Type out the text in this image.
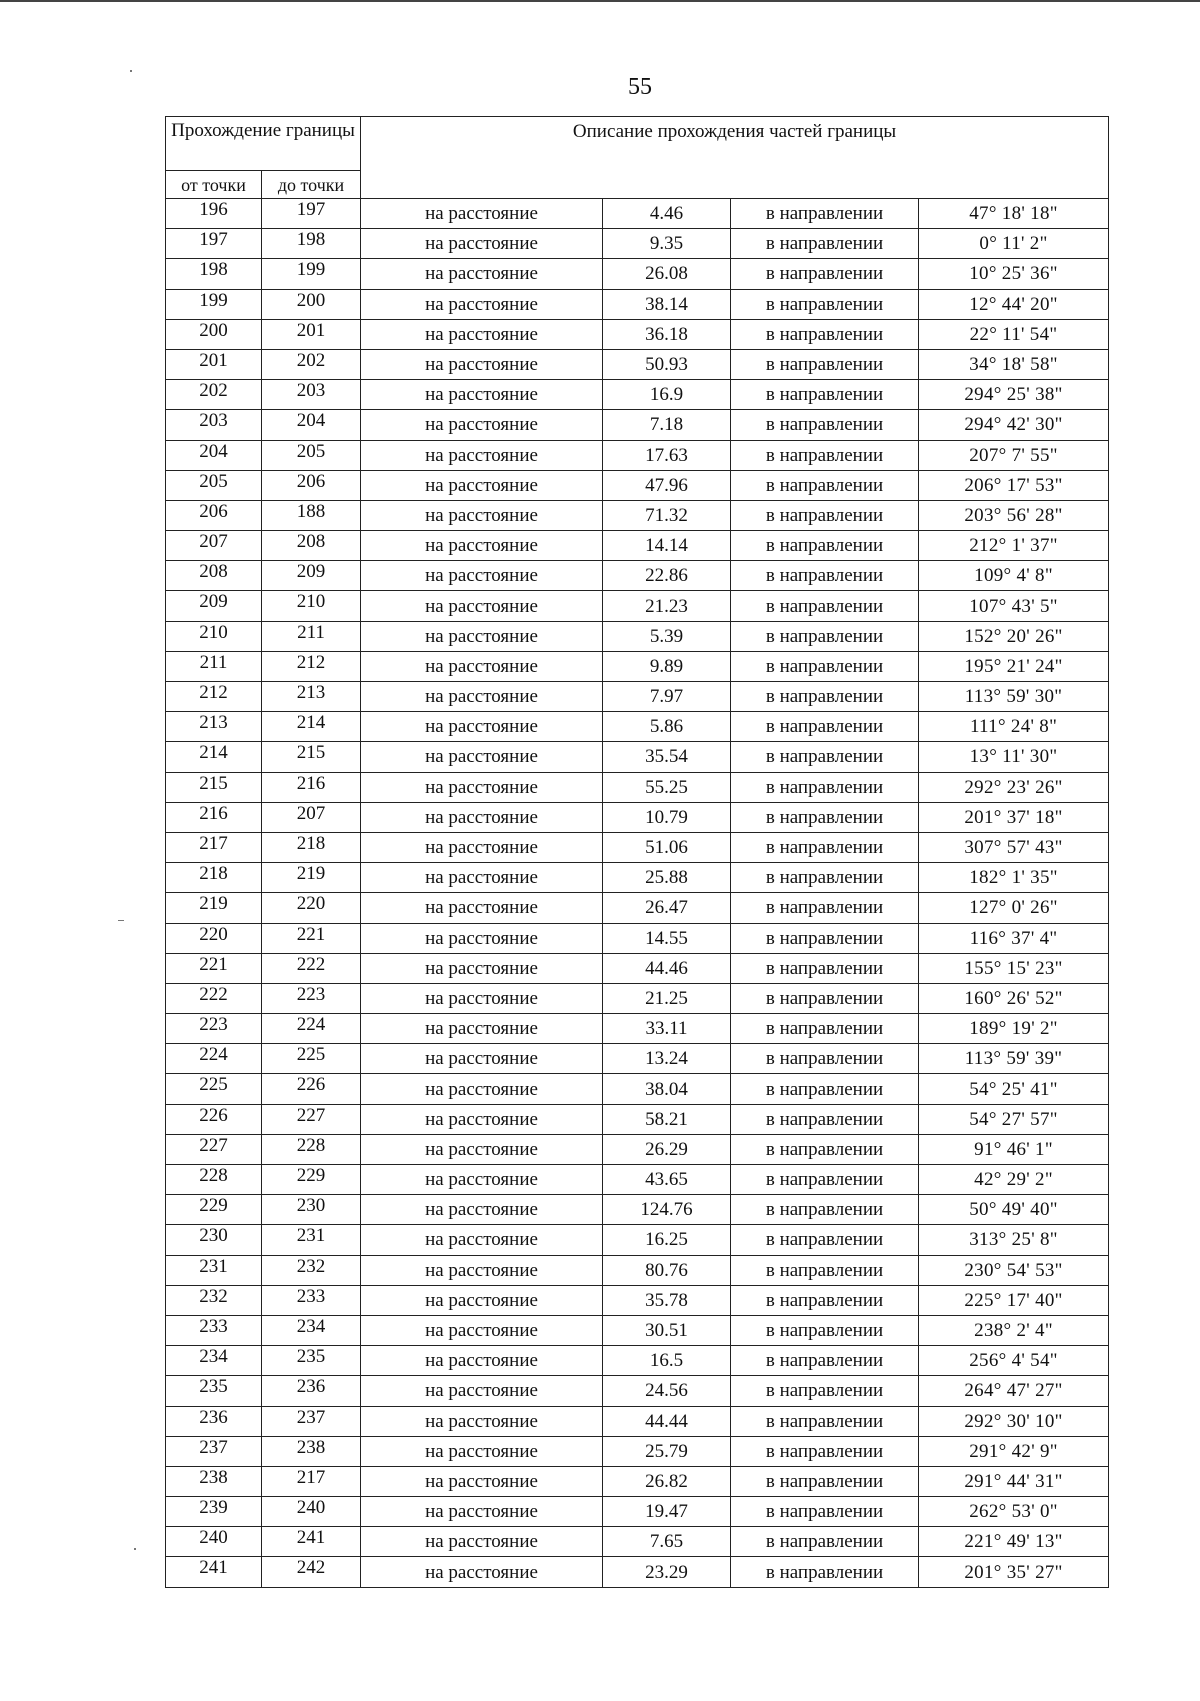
55
Прохождение границы		Описание прохождения частей границы			
от точки	до точки				
196	197	на расстояние	4.46	в направлении	47° 18' 18"
197	198	на расстояние	9.35	в направлении	0° 11' 2"
198	199	на расстояние	26.08	в направлении	10° 25' 36"
199	200	на расстояние	38.14	в направлении	12° 44' 20"
200	201	на расстояние	36.18	в направлении	22° 11' 54"
201	202	на расстояние	50.93	в направлении	34° 18' 58"
202	203	на расстояние	16.9	в направлении	294° 25' 38"
203	204	на расстояние	7.18	в направлении	294° 42' 30"
204	205	на расстояние	17.63	в направлении	207° 7' 55"
205	206	на расстояние	47.96	в направлении	206° 17' 53"
206	188	на расстояние	71.32	в направлении	203° 56' 28"
207	208	на расстояние	14.14	в направлении	212° 1' 37"
208	209	на расстояние	22.86	в направлении	109° 4' 8"
209	210	на расстояние	21.23	в направлении	107° 43' 5"
210	211	на расстояние	5.39	в направлении	152° 20' 26"
211	212	на расстояние	9.89	в направлении	195° 21' 24"
212	213	на расстояние	7.97	в направлении	113° 59' 30"
213	214	на расстояние	5.86	в направлении	111° 24' 8"
214	215	на расстояние	35.54	в направлении	13° 11' 30"
215	216	на расстояние	55.25	в направлении	292° 23' 26"
216	207	на расстояние	10.79	в направлении	201° 37' 18"
217	218	на расстояние	51.06	в направлении	307° 57' 43"
218	219	на расстояние	25.88	в направлении	182° 1' 35"
219	220	на расстояние	26.47	в направлении	127° 0' 26"
220	221	на расстояние	14.55	в направлении	116° 37' 4"
221	222	на расстояние	44.46	в направлении	155° 15' 23"
222	223	на расстояние	21.25	в направлении	160° 26' 52"
223	224	на расстояние	33.11	в направлении	189° 19' 2"
224	225	на расстояние	13.24	в направлении	113° 59' 39"
225	226	на расстояние	38.04	в направлении	54° 25' 41"
226	227	на расстояние	58.21	в направлении	54° 27' 57"
227	228	на расстояние	26.29	в направлении	91° 46' 1"
228	229	на расстояние	43.65	в направлении	42° 29' 2"
229	230	на расстояние	124.76	в направлении	50° 49' 40"
230	231	на расстояние	16.25	в направлении	313° 25' 8"
231	232	на расстояние	80.76	в направлении	230° 54' 53"
232	233	на расстояние	35.78	в направлении	225° 17' 40"
233	234	на расстояние	30.51	в направлении	238° 2' 4"
234	235	на расстояние	16.5	в направлении	256° 4' 54"
235	236	на расстояние	24.56	в направлении	264° 47' 27"
236	237	на расстояние	44.44	в направлении	292° 30' 10"
237	238	на расстояние	25.79	в направлении	291° 42' 9"
238	217	на расстояние	26.82	в направлении	291° 44' 31"
239	240	на расстояние	19.47	в направлении	262° 53' 0"
240	241	на расстояние	7.65	в направлении	221° 49' 13"
241	242	на расстояние	23.29	в направлении	201° 35' 27"
